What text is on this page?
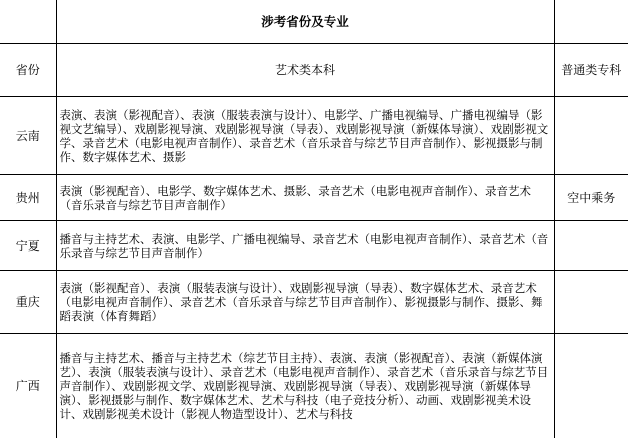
	涉考省份及专业	
省份	艺术类本科	普通类专科
云南	表演、表演（影视配音）、表演（服装表演与设计）、电影学、广播电视编导、广播电视编导（影视文艺编导）、戏剧影视导演、戏剧影视导演（导表）、戏剧影视导演（新媒体导演）、戏剧影视文学、录音艺术（电影电视声音制作）、录音艺术（音乐录音与综艺节目声音制作）、影视摄影与制作、数字媒体艺术、摄影	
贵州	表演（影视配音）、电影学、数字媒体艺术、摄影、录音艺术（电影电视声音制作）、录音艺术（音乐录音与综艺节目声音制作）	空中乘务
宁夏	播音与主持艺术、表演、电影学、广播电视编导、录音艺术（电影电视声音制作）、录音艺术（音乐录音与综艺节目声音制作）	
重庆	表演（影视配音）、表演（服装表演与设计）、戏剧影视导演（导表）、数字媒体艺术、录音艺术（电影电视声音制作）、录音艺术（音乐录音与综艺节目声音制作）、影视摄影与制作、摄影、舞蹈表演（体育舞蹈）	
广西	播音与主持艺术、播音与主持艺术（综艺节目主持）、表演、表演（影视配音）、表演（新媒体演艺）、表演（服装表演与设计）、录音艺术（电影电视声音制作）、录音艺术（音乐录音与综艺节目声音制作）、戏剧影视文学、戏剧影视导演、戏剧影视导演（导表）、戏剧影视导演（新媒体导演）、影视摄影与制作、数字媒体艺术、艺术与科技（电子竞技分析）、动画、戏剧影视美术设计、戏剧影视美术设计（影视人物造型设计）、艺术与科技	
